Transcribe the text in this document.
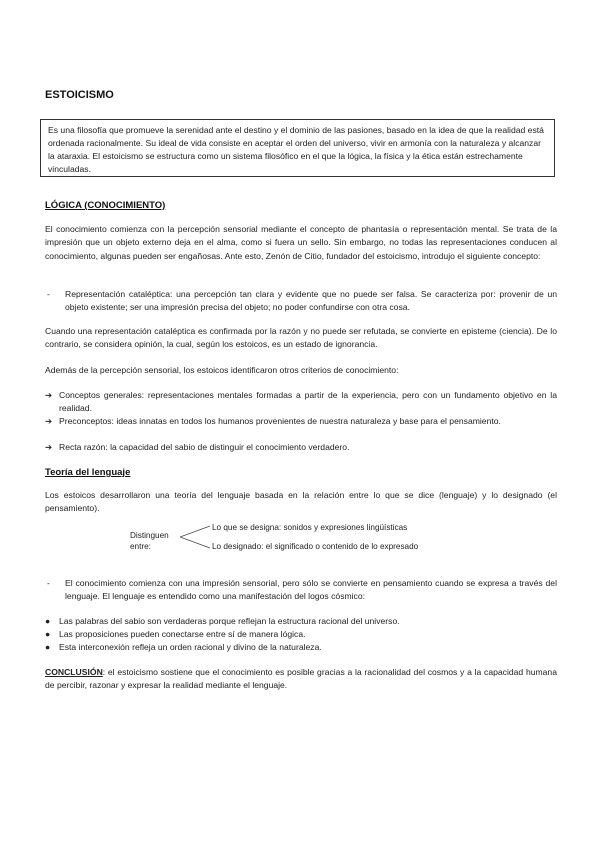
ESTOICISMO
Es una filosofía que promueve la serenidad ante el destino y el dominio de las pasiones, basado en la idea de que la realidad está ordenada racionalmente. Su ideal de vida consiste en aceptar el orden del universo, vivir en armonía con la naturaleza y alcanzar la ataraxia. El estoicismo se estructura como un sistema filosófico en el que la lógica, la física y la ética están estrechamente vinculadas.
LÓGICA (CONOCIMIENTO)
El conocimiento comienza con la percepción sensorial mediante el concepto de phantasía o representación mental. Se trata de la impresión que un objeto externo deja en el alma, como si fuera un sello. Sin embargo, no todas las representaciones conducen al conocimiento, algunas pueden ser engañosas. Ante esto, Zenón de Citio, fundador del estoicismo, introdujo el siguiente concepto:
- Representación cataléptica: una percepción tan clara y evidente que no puede ser falsa. Se caracteriza por: provenir de un objeto existente; ser una impresión precisa del objeto; no poder confundirse con otra cosa.
Cuando una representación cataléptica es confirmada por la razón y no puede ser refutada, se convierte en episteme (ciencia). De lo contrario, se considera opinión, la cual, según los estoicos, es un estado de ignorancia.
Además de la percepción sensorial, los estoicos identificaron otros criterios de conocimiento:
➔ Conceptos generales: representaciones mentales formadas a partir de la experiencia, pero con un fundamento objetivo en la realidad.
➔ Preconceptos: ideas innatas en todos los humanos provenientes de nuestra naturaleza y base para el pensamiento.
➔ Recta razón: la capacidad del sabio de distinguir el conocimiento verdadero.
Teoría del lenguaje
Los estoicos desarrollaron una teoría del lenguaje basada en la relación entre lo que se dice (lenguaje) y lo designado (el pensamiento).
Distinguen entre:
Lo que se designa: sonidos y expresiones lingüísticas
Lo designado: el significado o contenido de lo expresado
- El conocimiento comienza con una impresión sensorial, pero sólo se convierte en pensamiento cuando se expresa a través del lenguaje. El lenguaje es entendido como una manifestación del logos cósmico:
● Las palabras del sabio son verdaderas porque reflejan la estructura racional del universo.
● Las proposiciones pueden conectarse entre sí de manera lógica.
● Esta interconexión refleja un orden racional y divino de la naturaleza.
CONCLUSIÓN: el estoicismo sostiene que el conocimiento es posible gracias a la racionalidad del cosmos y a la capacidad humana de percibir, razonar y expresar la realidad mediante el lenguaje.
